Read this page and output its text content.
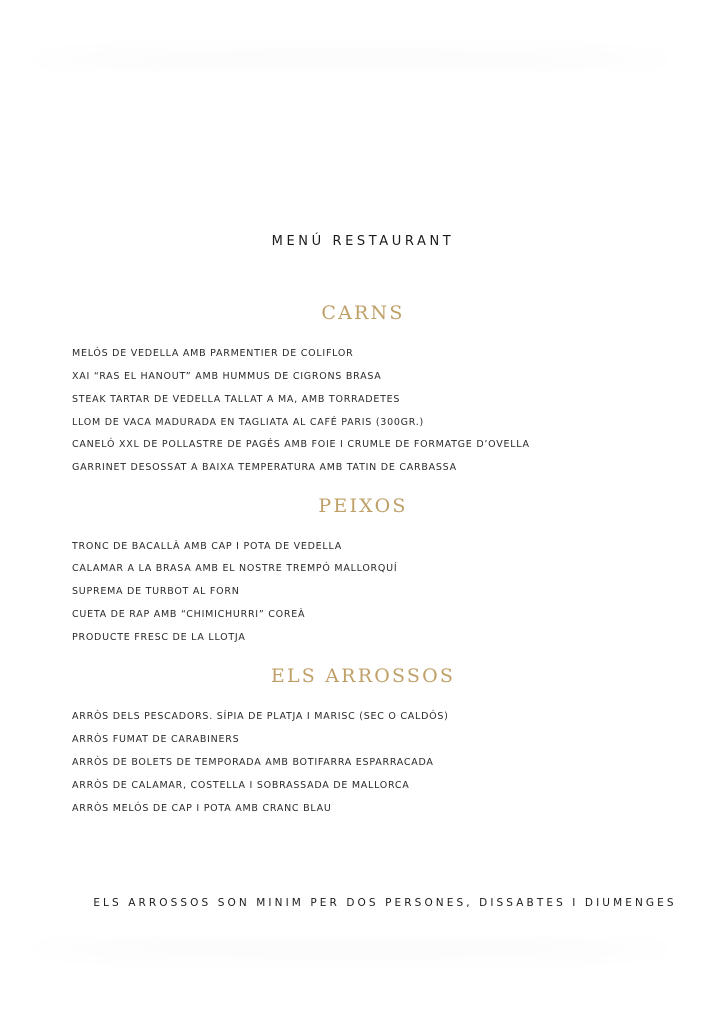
MENÚ RESTAURANT
CARNS
MELÓS DE VEDELLA AMB PARMENTIER DE COLIFLOR
XAI “RAS EL HANOUT” AMB HUMMUS DE CIGRONS BRASA
STEAK TARTAR DE VEDELLA TALLAT A MA, AMB TORRADETES
LLOM DE VACA MADURADA EN TAGLIATA AL CAFÉ PARIS (300GR.)
CANELÓ XXL DE POLLASTRE DE PAGÉS AMB FOIE I CRUMLE DE FORMATGE D’OVELLA
GARRINET DESOSSAT A BAIXA TEMPERATURA AMB TATIN DE CARBASSA
PEIXOS
TRONC DE BACALLÀ AMB CAP I POTA DE VEDELLA
CALAMAR A LA BRASA AMB EL NOSTRE TREMPÓ MALLORQUÍ
SUPREMA DE TURBOT AL FORN
CUETA DE RAP AMB “CHIMICHURRI” COREÀ
PRODUCTE FRESC DE LA LLOTJA
ELS ARROSSOS
ARRÒS DELS PESCADORS. SÍPIA DE PLATJA I MARISC (SEC O CALDÓS)
ARRÒS FUMAT DE CARABINERS
ARRÒS DE BOLETS DE TEMPORADA AMB BOTIFARRA ESPARRACADA
ARRÒS DE CALAMAR, COSTELLA I SOBRASSADA DE MALLORCA
ARRÒS MELÓS DE CAP I POTA AMB CRANC BLAU
ELS ARROSSOS SON MINIM PER DOS PERSONES, DISSABTES I DIUMENGES
